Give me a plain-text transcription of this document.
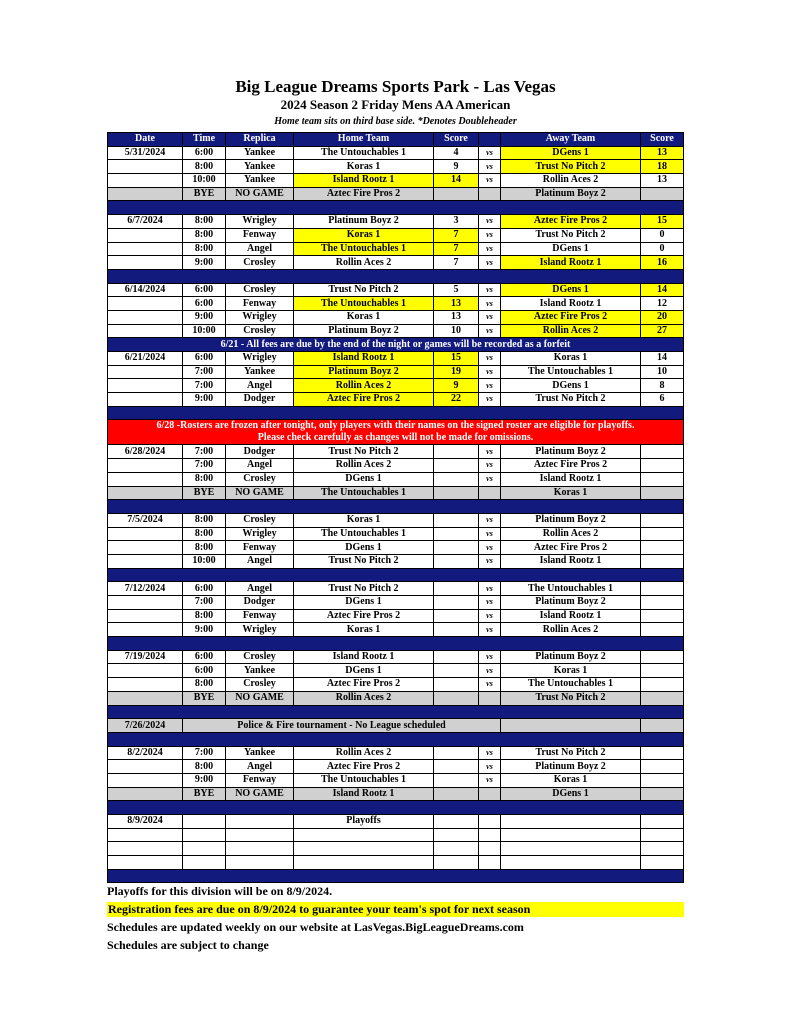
Big League Dreams Sports Park - Las Vegas
2024 Season 2 Friday Mens AA American
Home team sits on third base side. *Denotes Doubleheader
Date	Time	Replica	Home Team	Score		Away Team	Score
5/31/2024	6:00	Yankee	The Untouchables 1	4	vs	DGens 1	13
	8:00	Yankee	Koras 1	9	vs	Trust No Pitch 2	18
	10:00	Yankee	Island Rootz 1	14	vs	Rollin Aces 2	13
	BYE	NO GAME	Aztec Fire Pros 2			Platinum Boyz 2	

6/7/2024	8:00	Wrigley	Platinum Boyz 2	3	vs	Aztec Fire Pros 2	15
	8:00	Fenway	Koras 1	7	vs	Trust No Pitch 2	0
	8:00	Angel	The Untouchables 1	7	vs	DGens 1	0
	9:00	Crosley	Rollin Aces 2	7	vs	Island Rootz 1	16

6/14/2024	6:00	Crosley	Trust No Pitch 2	5	vs	DGens 1	14
	6:00	Fenway	The Untouchables 1	13	vs	Island Rootz 1	12
	9:00	Wrigley	Koras 1	13	vs	Aztec Fire Pros 2	20
	10:00	Crosley	Platinum Boyz 2	10	vs	Rollin Aces 2	27
6/21 - All fees are due by the end of the night or games will be recorded as a forfeit							
6/21/2024	6:00	Wrigley	Island Rootz 1	15	vs	Koras 1	14
	7:00	Yankee	Platinum Boyz 2	19	vs	The Untouchables 1	10
	7:00	Angel	Rollin Aces 2	9	vs	DGens 1	8
	9:00	Dodger	Aztec Fire Pros 2	22	vs	Trust No Pitch 2	6

6/28 -Rosters are frozen after tonight, only players with their names on the signed roster are eligible for playoffs.
Please check carefully as changes will not be made for omissions.							

6/28/2024	7:00	Dodger	Trust No Pitch 2		vs	Platinum Boyz 2	
	7:00	Angel	Rollin Aces 2		vs	Aztec Fire Pros 2	
	8:00	Crosley	DGens 1		vs	Island Rootz 1	
	BYE	NO GAME	The Untouchables 1			Koras 1	

7/5/2024	8:00	Crosley	Koras 1		vs	Platinum Boyz 2	
	8:00	Wrigley	The Untouchables 1		vs	Rollin Aces 2	
	8:00	Fenway	DGens 1		vs	Aztec Fire Pros 2	
	10:00	Angel	Trust No Pitch 2		vs	Island Rootz 1	

7/12/2024	6:00	Angel	Trust No Pitch 2		vs	The Untouchables 1	
	7:00	Dodger	DGens 1		vs	Platinum Boyz 2	
	8:00	Fenway	Aztec Fire Pros 2		vs	Island Rootz 1	
	9:00	Wrigley	Koras 1		vs	Rollin Aces 2	

7/19/2024	6:00	Crosley	Island Rootz 1		vs	Platinum Boyz 2	
	6:00	Yankee	DGens 1		vs	Koras 1	
	8:00	Crosley	Aztec Fire Pros 2		vs	The Untouchables 1	
	BYE	NO GAME	Rollin Aces 2			Trust No Pitch 2	

7/26/2024	Police & Fire tournament - No League scheduled						

8/2/2024	7:00	Yankee	Rollin Aces 2		vs	Trust No Pitch 2	
	8:00	Angel	Aztec Fire Pros 2		vs	Platinum Boyz 2	
	9:00	Fenway	The Untouchables 1		vs	Koras 1	
	BYE	NO GAME	Island Rootz 1			DGens 1	

8/9/2024			Playoffs				

Playoffs for this division will be on 8/9/2024.
Registration fees are due on 8/9/2024 to guarantee your team's spot for next season
Schedules are updated weekly on our website at LasVegas.BigLeagueDreams.com
Schedules are subject to change
